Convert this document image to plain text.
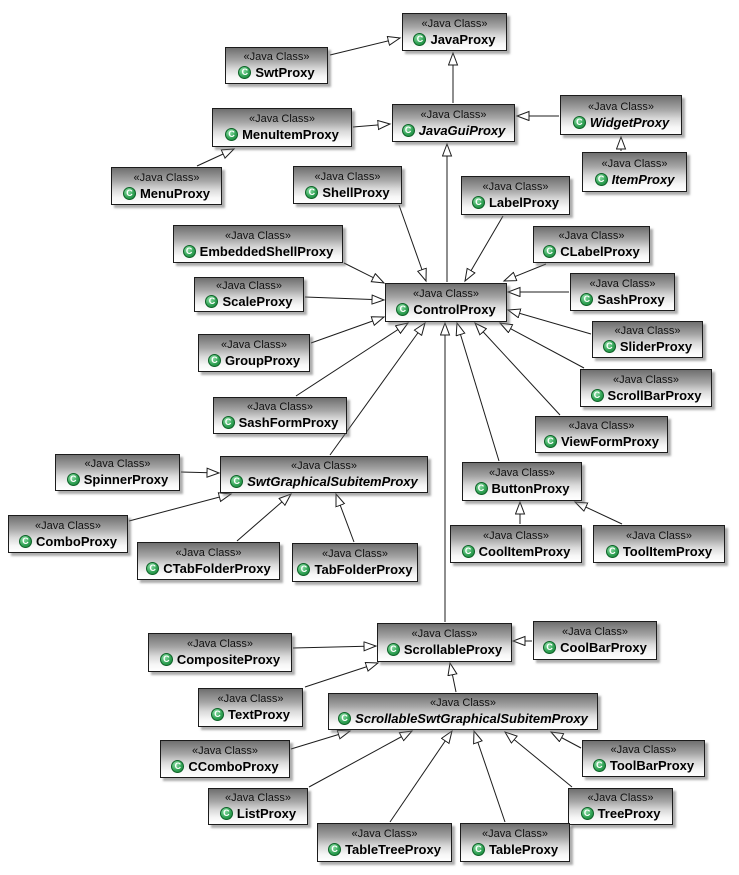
«Java Class»
C JavaProxy
«Java Class»
C SwtProxy
«Java Class»
C JavaGuiProxy
«Java Class»
C WidgetProxy
«Java Class»
C MenuItemProxy
«Java Class»
C ItemProxy
«Java Class»
C MenuProxy
«Java Class»
C ShellProxy	«Java Class»
C LabelProxy
«Java Class»
C EmbeddedShellProxy
«Java Class»
C CLabelProxy
«Java Class»
C ScaleProxy	«Java Class»
C ControlProxy
«Java Class»
C SashProxy
«Java Class»
C GroupProxy
«Java Class»
C SliderProxy
«Java Class»
C ScrollBarProxy
«Java Class»
C SashFormProxy	«Java Class»
C ViewFormProxy
«Java Class»
C SpinnerProxy
«Java Class»
C SwtGraphicalSubitemProxy
«Java Class»
C ButtonProxy
«Java Class»
C ComboProxy
«Java Class»
C CTabFolderProxy
«Java Class»
C TabFolderProxy
«Java Class»
C CoolItemProxy
«Java Class»
C ToolItemProxy
«Java Class»
C CompositeProxy
«Java Class»
C ScrollableProxy
«Java Class»
C CoolBarProxy
«Java Class»
C TextProxy
«Java Class»
C ScrollableSwtGraphicalSubitemProxy
«Java Class»
C CComboProxy
«Java Class»
C ToolBarProxy
«Java Class»
C ListProxy
«Java Class»
C TreeProxy
«Java Class»
C TableTreeProxy
«Java Class»
C TableProxy
